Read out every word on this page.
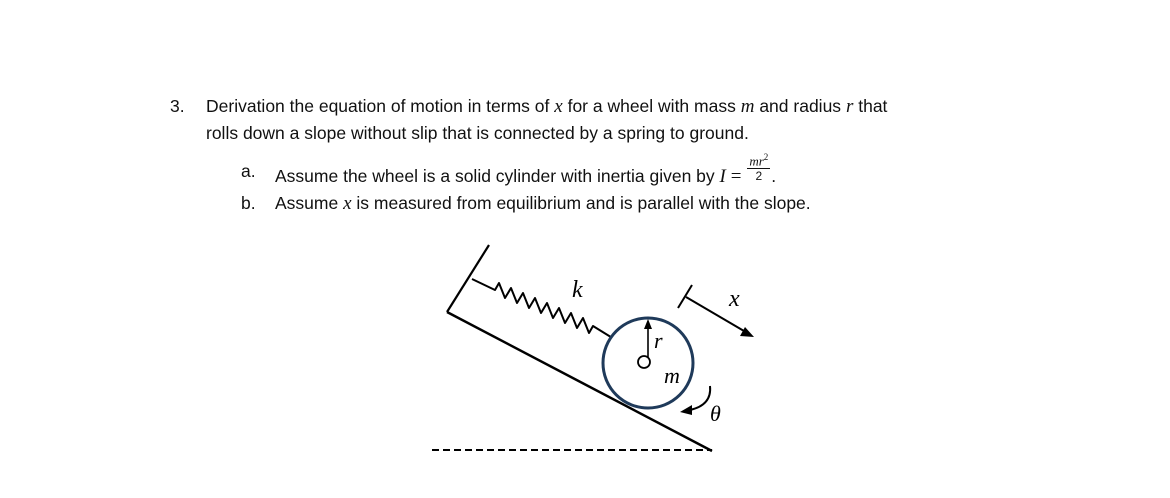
3. Derivation the equation of motion in terms of x for a wheel with mass m and radius r that
rolls down a slope without slip that is connected by a spring to ground.
a. Assume the wheel is a solid cylinder with inertia given by $I = \frac{mr^2}{2}$ .
b. Assume x is measured from equilibrium and is parallel with the slope.
k	x
r
m
θ
